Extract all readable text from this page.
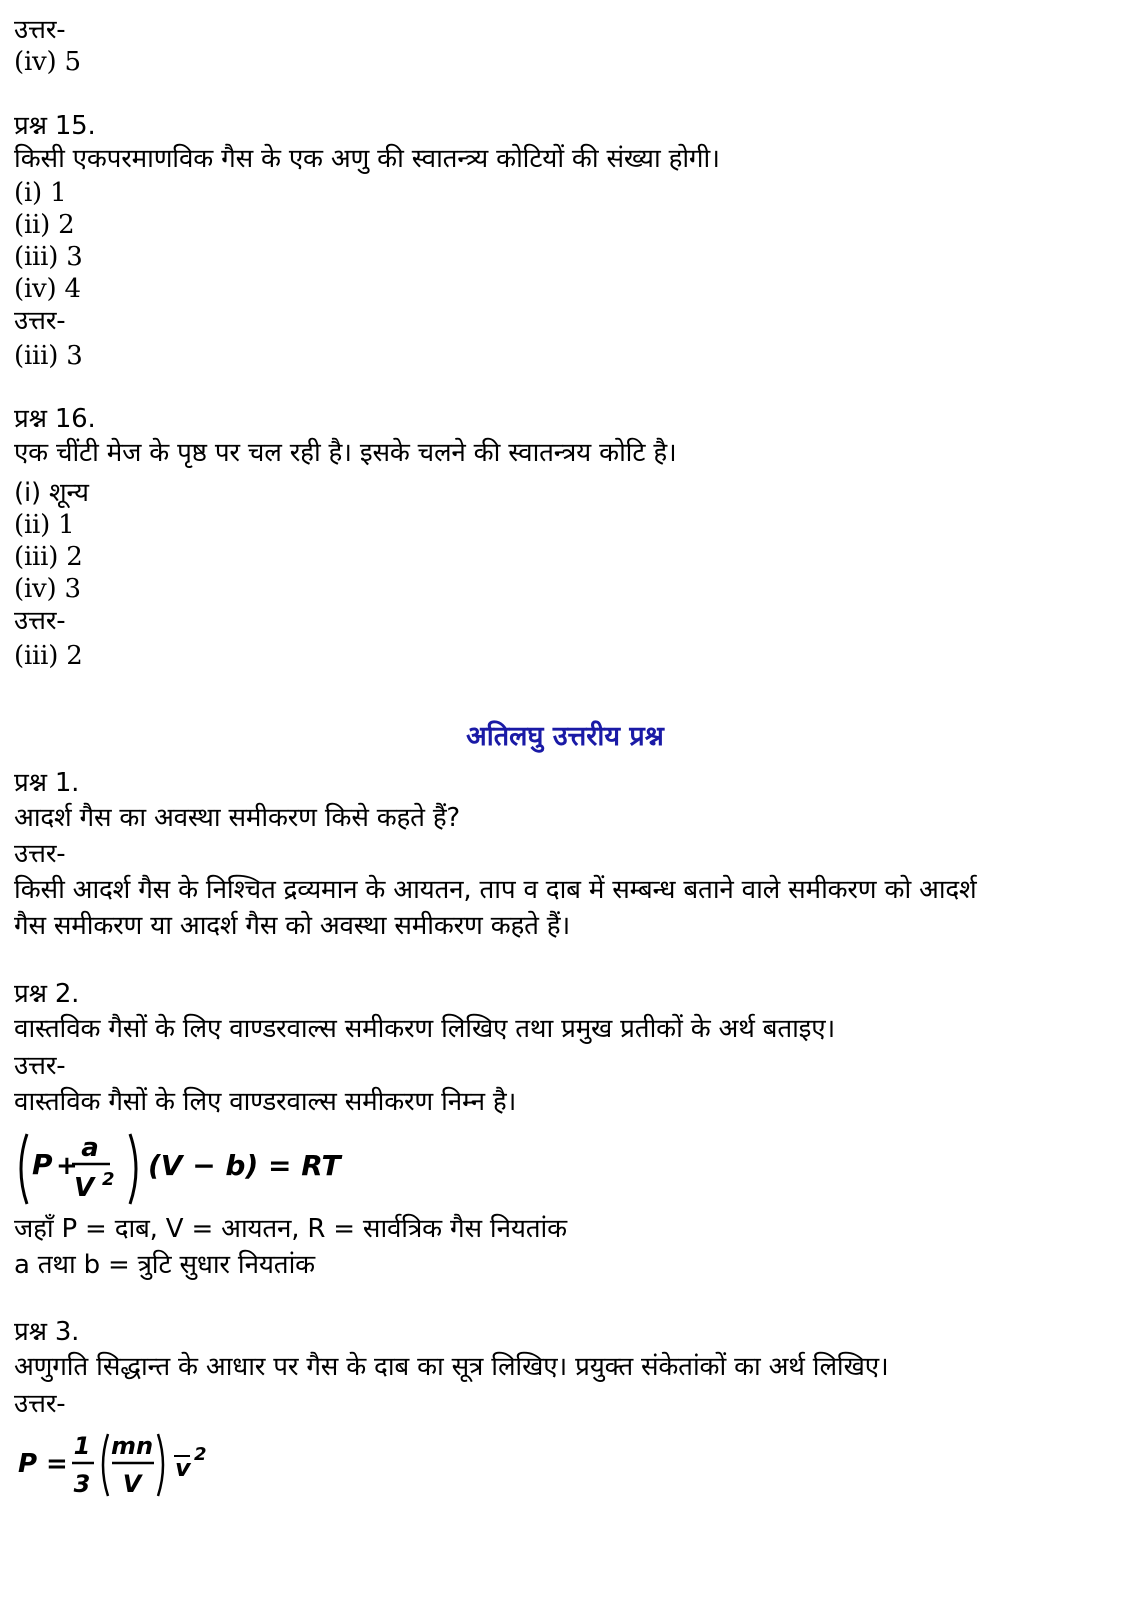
उत्तर-
(iv) 5
प्रश्न 15.
किसी एकपरमाणविक गैस के एक अणु की स्वातन्त्र्य कोटियों की संख्या होगी।
(i) 1
(ii) 2
(iii) 3
(iv) 4
उत्तर-
(iii) 3
प्रश्न 16.
एक चींटी मेज के पृष्ठ पर चल रही है। इसके चलने की स्वातन्त्रय कोटि है।
(i) शून्य
(ii) 1
(iii) 2
(iv) 3
उत्तर-
(iii) 2
अतिलघु उत्तरीय प्रश्न
प्रश्न 1.
आदर्श गैस का अवस्था समीकरण किसे कहते हैं?
उत्तर-
किसी आदर्श गैस के निश्चित द्रव्यमान के आयतन, ताप व दाब में सम्बन्ध बताने वाले समीकरण को आदर्श
गैस समीकरण या आदर्श गैस को अवस्था समीकरण कहते हैं।
प्रश्न 2.
वास्तविक गैसों के लिए वाण्डरवाल्स समीकरण लिखिए तथा प्रमुख प्रतीकों के अर्थ बताइए।
उत्तर-
वास्तविक गैसों के लिए वाण्डरवाल्स समीकरण निम्न है।
P +
a
V 2 (V − b) = RT
जहाँ P = दाब, V = आयतन, R = सार्वत्रिक गैस नियतांक
a तथा b = त्रुटि सुधार नियतांक
प्रश्न 3.
अणुगति सिद्धान्त के आधार पर गैस के दाब का सूत्र लिखिए। प्रयुक्त संकेतांकों का अर्थ लिखिए।
उत्तर-
P =
1
3
mn
V
v 2
